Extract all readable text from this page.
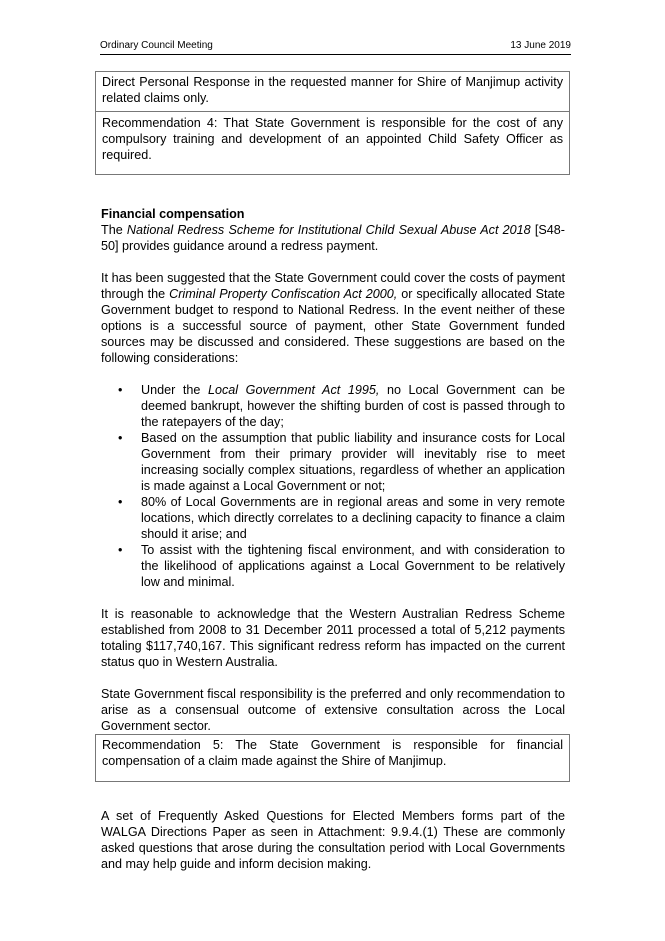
Ordinary Council Meeting	13 June 2019

Direct Personal Response in the requested manner for Shire of Manjimup activity related claims only.

Recommendation 4: That State Government is responsible for the cost of any compulsory training and development of an appointed Child Safety Officer as required.

Financial compensation

The National Redress Scheme for Institutional Child Sexual Abuse Act 2018 [S48-50] provides guidance around a redress payment.

It has been suggested that the State Government could cover the costs of payment through the Criminal Property Confiscation Act 2000, or specifically allocated State Government budget to respond to National Redress. In the event neither of these options is a successful source of payment, other State Government funded sources may be discussed and considered. These suggestions are based on the following considerations:

• Under the Local Government Act 1995, no Local Government can be deemed bankrupt, however the shifting burden of cost is passed through to the ratepayers of the day;
• Based on the assumption that public liability and insurance costs for Local Government from their primary provider will inevitably rise to meet increasing socially complex situations, regardless of whether an application is made against a Local Government or not;
• 80% of Local Governments are in regional areas and some in very remote locations, which directly correlates to a declining capacity to finance a claim should it arise; and
• To assist with the tightening fiscal environment, and with consideration to the likelihood of applications against a Local Government to be relatively low and minimal.

It is reasonable to acknowledge that the Western Australian Redress Scheme established from 2008 to 31 December 2011 processed a total of 5,212 payments totaling $117,740,167. This significant redress reform has impacted on the current status quo in Western Australia.

State Government fiscal responsibility is the preferred and only recommendation to arise as a consensual outcome of extensive consultation across the Local Government sector.

Recommendation 5: The State Government is responsible for financial compensation of a claim made against the Shire of Manjimup.

A set of Frequently Asked Questions for Elected Members forms part of the WALGA Directions Paper as seen in Attachment: 9.9.4.(1) These are commonly asked questions that arose during the consultation period with Local Governments and may help guide and inform decision making.
